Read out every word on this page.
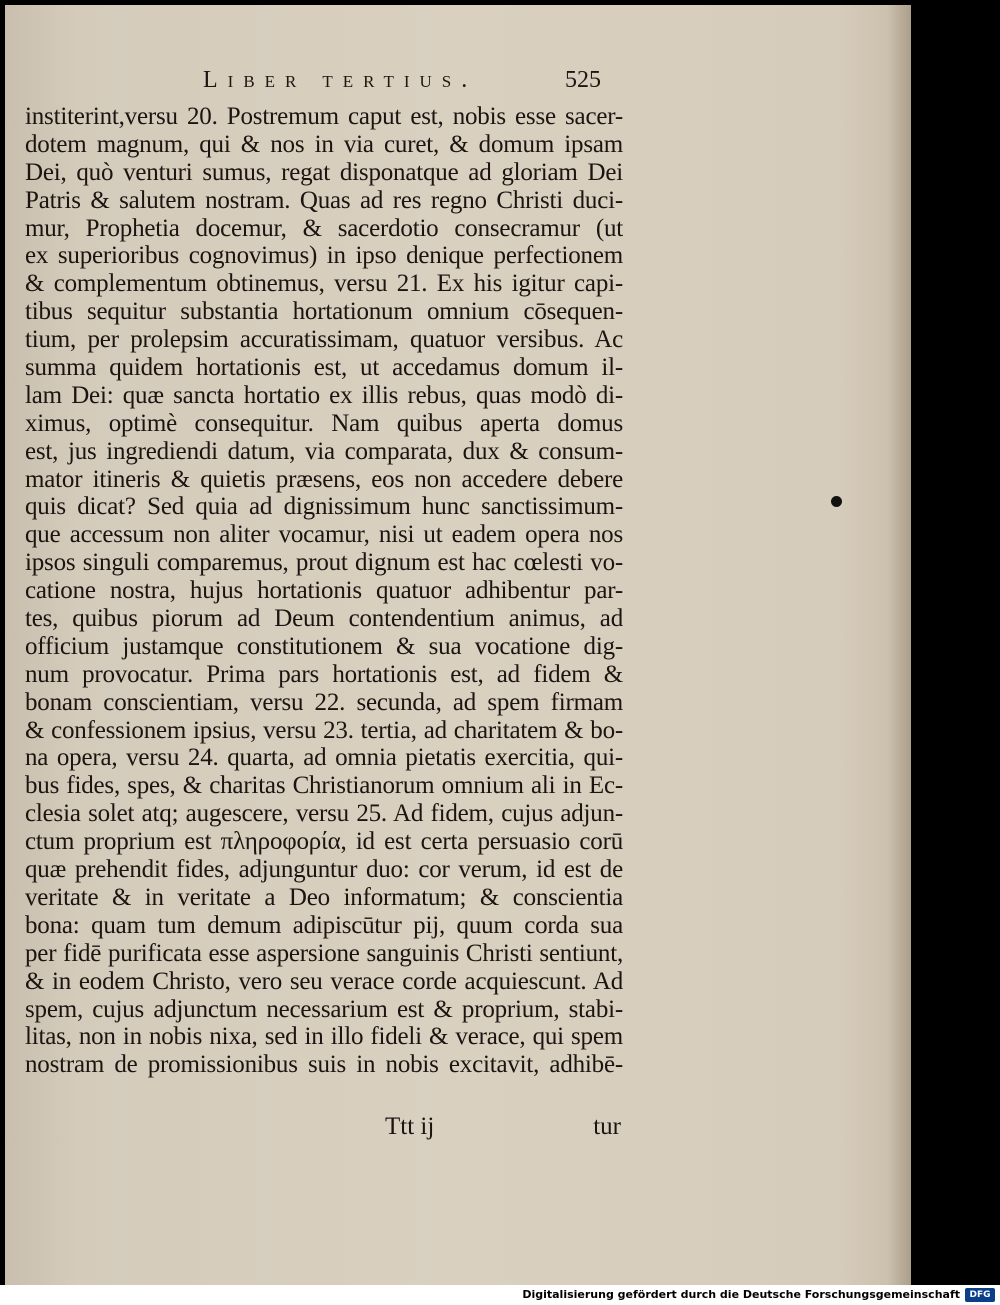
Liber tertius.	525
institerint,versu 20. Postremum caput est, nobis esse sacer-
dotem magnum, qui & nos in via curet, & domum ipsam
Dei, quò venturi sumus, regat disponatque ad gloriam Dei
Patris & salutem nostram. Quas ad res regno Christi duci-
mur, Prophetia docemur, & sacerdotio consecramur (ut
ex superioribus cognovimus) in ipso denique perfectionem
& complementum obtinemus, versu 21. Ex his igitur capi-
tibus sequitur substantia hortationum omnium cōsequen-
tium, per prolepsim accuratissimam, quatuor versibus. Ac
summa quidem hortationis est, ut accedamus domum il-
lam Dei: quæ sancta hortatio ex illis rebus, quas modò di-
ximus, optimè consequitur. Nam quibus aperta domus
est, jus ingrediendi datum, via comparata, dux & consum-
mator itineris & quietis præsens, eos non accedere debere
quis dicat? Sed quia ad dignissimum hunc sanctissimum-
que accessum non aliter vocamur, nisi ut eadem opera nos
ipsos singuli comparemus, prout dignum est hac cœlesti vo-
catione nostra, hujus hortationis quatuor adhibentur par-
tes, quibus piorum ad Deum contendentium animus, ad
officium justamque constitutionem & sua vocatione dig-
num provocatur. Prima pars hortationis est, ad fidem &
bonam conscientiam, versu 22. secunda, ad spem firmam
& confessionem ipsius, versu 23. tertia, ad charitatem & bo-
na opera, versu 24. quarta, ad omnia pietatis exercitia, qui-
bus fides, spes, & charitas Christianorum omnium ali in Ec-
clesia solet atq; augescere, versu 25. Ad fidem, cujus adjun-
ctum proprium est πληροφορία, id est certa persuasio corū
quæ prehendit fides, adjunguntur duo: cor verum, id est de
veritate & in veritate a Deo informatum; & conscientia
bona: quam tum demum adipiscūtur pij, quum corda sua
per fidē purificata esse aspersione sanguinis Christi sentiunt,
& in eodem Christo, vero seu verace corde acquiescunt. Ad
spem, cujus adjunctum necessarium est & proprium, stabi-
litas, non in nobis nixa, sed in illo fideli & verace, qui spem
nostram de promissionibus suis in nobis excitavit, adhibē-
Ttt ij	tur
Digitalisierung gefördert durch die Deutsche Forschungsgemeinschaft	DFG
